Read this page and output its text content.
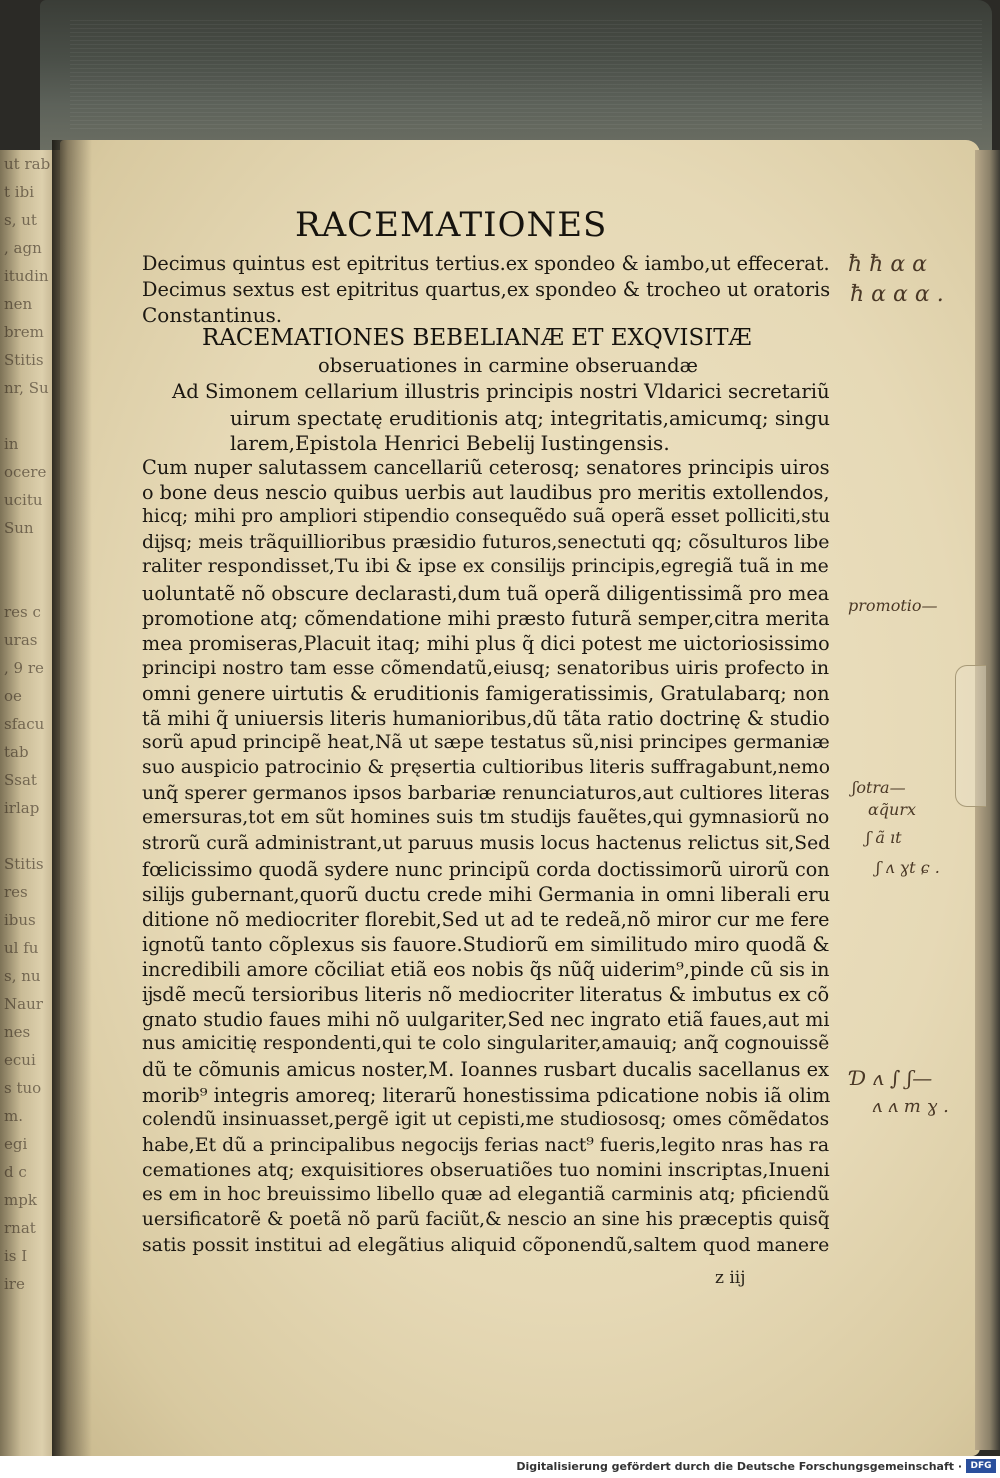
ut rab
t ibi
s, ut
, agn
itudin
nen
brem
Stitis
nr, Su

in
ocere
ucitu
Sun

res c
uras
, 9 re
oe
sfacu
tab
Ssat
irlap

Stitis
res
ibus
ul fu
s, nu
Naur
nes
ecui
s tuo
m.
egi
d c
mpk
rnat
is I
ire
RACEMATIONES
Decimus quintus est epitritus tertius.ex spondeo & iambo,ut effecerat.
Decimus sextus est epitritus quartus,ex spondeo & trocheo ut oratoris
Constantinus.
RACEMATIONES BEBELIANÆ ET EXQVISITÆ
obseruationes in carmine obseruandæ
Ad Simonem cellarium illustris principis nostri Vldarici secretariũ
uirum spectatę eruditionis atq; integritatis,amicumq; singu
larem,Epistola Henrici Bebelĳ Iustingensis.
Cum nuper salutassem cancellariũ ceterosq; senatores principis uiros
o bone deus nescio quibus uerbis aut laudibus pro meritis extollendos,
hicq; mihi pro ampliori stipendio consequẽdo suã operã esset polliciti,stu
dĳsq; meis trãquillioribus præsidio futuros,senectuti qq; cõsulturos libe
raliter respondisset,Tu ibi & ipse ex consilĳs principis,egregiã tuã in me
uoluntatẽ nõ obscure declarasti,dum tuã operã diligentissimã pro mea
promotione atq; cõmendatione mihi præsto futurã semper,citra merita
mea promiseras,Placuit itaq; mihi plus q̃ dici potest me uictoriosissimo
principi nostro tam esse cõmendatũ,eiusq; senatoribus uiris profecto in
omni genere uirtutis & eruditionis famigeratissimis, Gratulabarq; non
tã mihi q̃ uniuersis literis humanioribus,dũ tãta ratio doctrinę & studio
sorũ apud principẽ heat,Nã ut sæpe testatus sũ,nisi principes germaniæ
suo auspicio patrocinio & pręsertia cultioribus literis suffragabunt,nemo
unq̃ sperer germanos ipsos barbariæ renunciaturos,aut cultiores literas
emersuras,tot em sũt homines suis tm studĳs fauẽtes,qui gymnasiorũ no
strorũ curã administrant,ut paruus musis locus hactenus relictus sit,Sed
fœlicissimo quodã sydere nunc principũ corda doctissimorũ uirorũ con
silĳs gubernant,quorũ ductu crede mihi Germania in omni liberali eru
ditione nõ mediocriter florebit,Sed ut ad te redeã,nõ miror cur me fere
ignotũ tanto cõplexus sis fauore.Studiorũ em similitudo miro quodã &
incredibili amore cõciliat etiã eos nobis q̃s nũq̃ uiderim⁹,pinde cũ sis in
ĳsdẽ mecũ tersioribus literis nõ mediocriter literatus & imbutus ex cõ
gnato studio faues mihi nõ uulgariter,Sed nec ingrato etiã faues,aut mi
nus amicitię respondenti,qui te colo singulariter,amauiq; anq̃ cognouissẽ
dũ te cõmunis amicus noster,M. Ioannes rusbart ducalis sacellanus ex
morib⁹ integris amoreq; literarũ honestissima pdicatione nobis iã olim
colendũ insinuasset,pergẽ igit ut cepisti,me studiososq; omes cõmẽdatos
habe,Et dũ a principalibus negocĳs ferias nact⁹ fueris,legito nras has ra
cemationes atq; exquisitiores obseruatiões tuo nomini inscriptas,Inueni
es em in hoc breuissimo libello quæ ad elegantiã carminis atq; pficiendũ
uersificatorẽ & poetã nõ parũ faciũt,& nescio an sine his præceptis quisq̃
satis possit institui ad elegãtius aliquid cõponendũ,saltem quod manere
z iij
ħ ħ ɑ ɑ
ħ ɑ ɑ ɑ .
promotio—
ʃotra—
ɑq̃urx
ʃ ã ıt
ʃ ʌ ɣt ɕ .
Ɗ ʌ ∫ ʃ—
ʌ ʌ m ɣ .
Digitalisierung gefördert durch die Deutsche Forschungsgemeinschaft · DFG
